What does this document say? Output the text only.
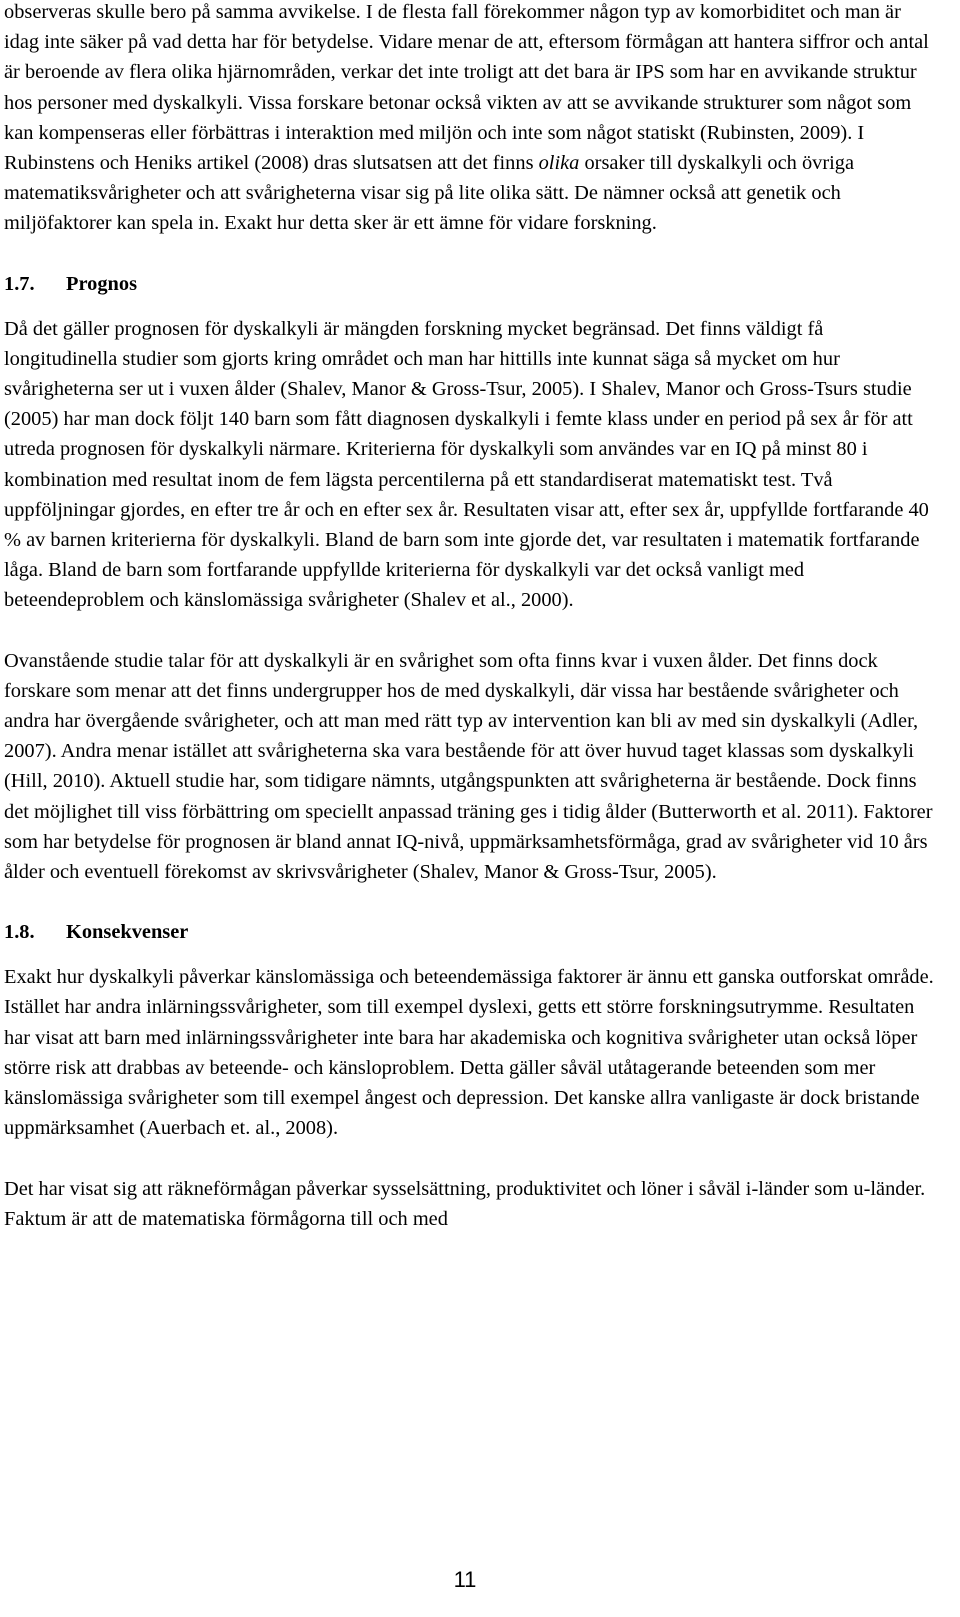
observeras skulle bero på samma avvikelse. I de flesta fall förekommer någon typ av komorbiditet och man är idag inte säker på vad detta har för betydelse. Vidare menar de att, eftersom förmågan att hantera siffror och antal är beroende av flera olika hjärnområden, verkar det inte troligt att det bara är IPS som har en avvikande struktur hos personer med dyskalkyli. Vissa forskare betonar också vikten av att se avvikande strukturer som något som kan kompenseras eller förbättras i interaktion med miljön och inte som något statiskt (Rubinsten, 2009). I Rubinstens och Heniks artikel (2008) dras slutsatsen att det finns olika orsaker till dyskalkyli och övriga matematiksvårigheter och att svårigheterna visar sig på lite olika sätt. De nämner också att genetik och miljöfaktorer kan spela in. Exakt hur detta sker är ett ämne för vidare forskning.

1.7.	Prognos

Då det gäller prognosen för dyskalkyli är mängden forskning mycket begränsad. Det finns väldigt få longitudinella studier som gjorts kring området och man har hittills inte kunnat säga så mycket om hur svårigheterna ser ut i vuxen ålder (Shalev, Manor & Gross-Tsur, 2005). I Shalev, Manor och Gross-Tsurs studie (2005) har man dock följt 140 barn som fått diagnosen dyskalkyli i femte klass under en period på sex år för att utreda prognosen för dyskalkyli närmare. Kriterierna för dyskalkyli som användes var en IQ på minst 80 i kombination med resultat inom de fem lägsta percentilerna på ett standardiserat matematiskt test. Två uppföljningar gjordes, en efter tre år och en efter sex år. Resultaten visar att, efter sex år, uppfyllde fortfarande 40 % av barnen kriterierna för dyskalkyli. Bland de barn som inte gjorde det, var resultaten i matematik fortfarande låga. Bland de barn som fortfarande uppfyllde kriterierna för dyskalkyli var det också vanligt med beteendeproblem och känslomässiga svårigheter (Shalev et al., 2000).

Ovanstående studie talar för att dyskalkyli är en svårighet som ofta finns kvar i vuxen ålder. Det finns dock forskare som menar att det finns undergrupper hos de med dyskalkyli, där vissa har bestående svårigheter och andra har övergående svårigheter, och att man med rätt typ av intervention kan bli av med sin dyskalkyli (Adler, 2007). Andra menar istället att svårigheterna ska vara bestående för att över huvud taget klassas som dyskalkyli (Hill, 2010). Aktuell studie har, som tidigare nämnts, utgångspunkten att svårigheterna är bestående. Dock finns det möjlighet till viss förbättring om speciellt anpassad träning ges i tidig ålder (Butterworth et al. 2011). Faktorer som har betydelse för prognosen är bland annat IQ-nivå, uppmärksamhetsförmåga, grad av svårigheter vid 10 års ålder och eventuell förekomst av skrivsvårigheter (Shalev, Manor & Gross-Tsur, 2005).

1.8.	Konsekvenser

Exakt hur dyskalkyli påverkar känslomässiga och beteendemässiga faktorer är ännu ett ganska outforskat område. Istället har andra inlärningssvårigheter, som till exempel dyslexi, getts ett större forskningsutrymme. Resultaten har visat att barn med inlärningssvårigheter inte bara har akademiska och kognitiva svårigheter utan också löper större risk att drabbas av beteende- och känsloproblem. Detta gäller såväl utåtagerande beteenden som mer känslomässiga svårigheter som till exempel ångest och depression. Det kanske allra vanligaste är dock bristande uppmärksamhet (Auerbach et. al., 2008).

Det har visat sig att räkneförmågan påverkar sysselsättning, produktivitet och löner i såväl i-länder som u-länder. Faktum är att de matematiska förmågorna till och med

11
